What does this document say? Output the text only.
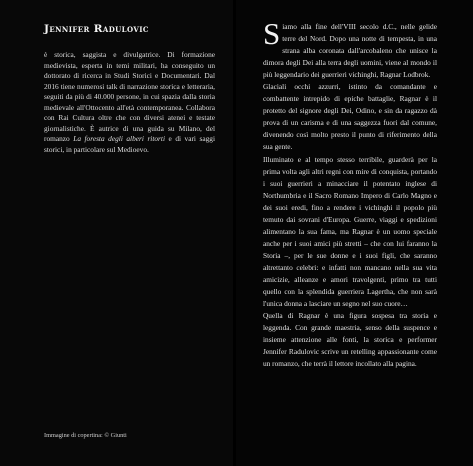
Jennifer Radulovic

è storica, saggista e divulgatrice. Di formazione medievista, esperta in temi militari, ha conseguito un dottorato di ricerca in Studi Storici e Documentari. Dal 2016 tiene numerosi talk di narrazione storica e letteraria, seguiti da più di 40.000 persone, in cui spazia dalla storia medievale all'Ottocento all'età contemporanea. Collabora con Rai Cultura oltre che con diversi atenei e testate giornalistiche. È autrice di una guida su Milano, del romanzo La foresta degli alberi ritorti e di vari saggi storici, in particolare sul Medioevo.

Immagine di copertina: © Giunti

Siamo alla fine dell'VIII secolo d.C., nelle gelide terre del Nord. Dopo una notte di tempesta, in una strana alba coronata dall'arcobaleno che unisce la dimora degli Dei alla terra degli uomini, viene al mondo il più leggendario dei guerrieri vichinghi, Ragnar Lodbrok.

Glaciali occhi azzurri, istinto da comandante e combattente intrepido di epiche battaglie, Ragnar è il protetto del signore degli Dei, Odino, e sin da ragazzo dà prova di un carisma e di una saggezza fuori dal comune, divenendo così molto presto il punto di riferimento della sua gente.

Illuminato e al tempo stesso terribile, guarderà per la prima volta agli altri regni con mire di conquista, portando i suoi guerrieri a minacciare il potentato inglese di Northumbria e il Sacro Romano Impero di Carlo Magno e dei suoi eredi, fino a rendere i vichinghi il popolo più temuto dai sovrani d'Europa. Guerre, viaggi e spedizioni alimentano la sua fama, ma Ragnar è un uomo speciale anche per i suoi amici più stretti – che con lui faranno la Storia –, per le sue donne e i suoi figli, che saranno altrettanto celebri: e infatti non mancano nella sua vita amicizie, alleanze e amori travolgenti, primo tra tutti quello con la splendida guerriera Lagertha, che non sarà l'unica donna a lasciare un segno nel suo cuore…

Quella di Ragnar è una figura sospesa tra storia e leggenda. Con grande maestria, senso della suspence e insieme attenzione alle fonti, la storica e performer Jennifer Radulovic scrive un retelling appassionante come un romanzo, che terrà il lettore incollato alla pagina.
